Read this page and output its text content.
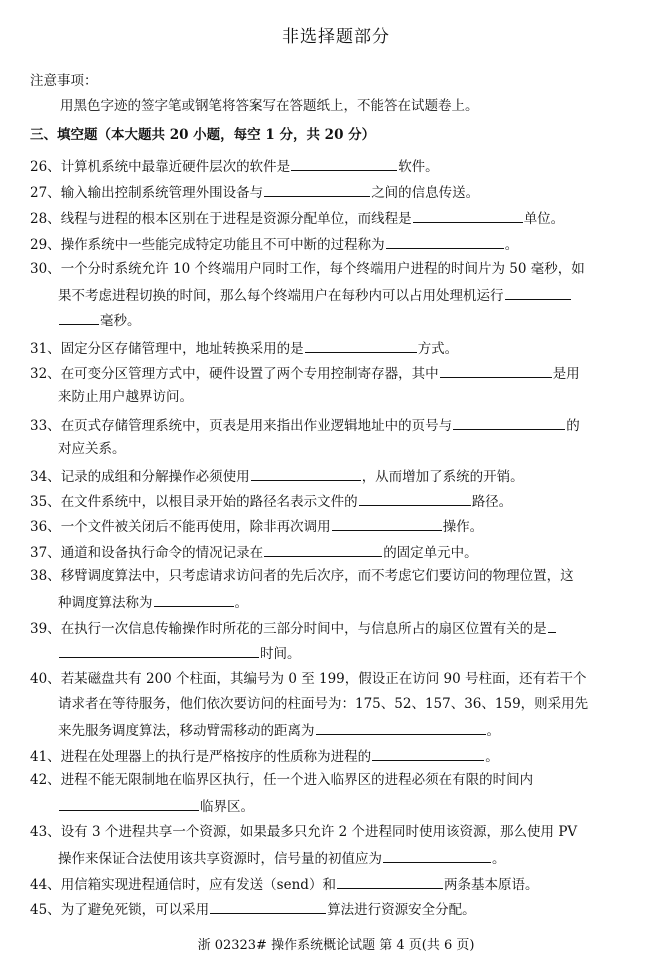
非选择题部分
注意事项：
用黑色字迹的签字笔或钢笔将答案写在答题纸上，不能答在试题卷上。
三、填空题（本大题共 20 小题，每空 1 分，共 20 分）
26、计算机系统中最靠近硬件层次的软件是	软件。
27、输入输出控制系统管理外围设备与	之间的信息传送。
28、线程与进程的根本区别在于进程是资源分配单位，而线程是	单位。
29、操作系统中一些能完成特定功能且不可中断的过程称为	。
30、一个分时系统允许 10 个终端用户同时工作，每个终端用户进程的时间片为 50 毫秒，如
果不考虑进程切换的时间，那么每个终端用户在每秒内可以占用处理机运行
毫秒。
31、固定分区存储管理中，地址转换采用的是	方式。
32、在可变分区管理方式中，硬件设置了两个专用控制寄存器，其中	是用
来防止用户越界访问。
33、在页式存储管理系统中，页表是用来指出作业逻辑地址中的页号与	的
对应关系。
34、记录的成组和分解操作必须使用	，从而增加了系统的开销。
35、在文件系统中，以根目录开始的路径名表示文件的	路径。
36、一个文件被关闭后不能再使用，除非再次调用	操作。
37、通道和设备执行命令的情况记录在	的固定单元中。
38、移臂调度算法中，只考虑请求访问者的先后次序，而不考虑它们要访问的物理位置，这
种调度算法称为	。
39、在执行一次信息传输操作时所花的三部分时间中，与信息所占的扇区位置有关的是
时间。
40、若某磁盘共有 200 个柱面，其编号为 0 至 199，假设正在访问 90 号柱面，还有若干个
请求者在等待服务，他们依次要访问的柱面号为：175、52、157、36、159，则采用先
来先服务调度算法，移动臂需移动的距离为	。
41、进程在处理器上的执行是严格按序的性质称为进程的	。
42、进程不能无限制地在临界区执行，任一个进入临界区的进程必须在有限的时间内
临界区。
43、设有 3 个进程共享一个资源，如果最多只允许 2 个进程同时使用该资源，那么使用 PV
操作来保证合法使用该共享资源时，信号量的初值应为	。
44、用信箱实现进程通信时，应有发送（send）和	两条基本原语。
45、为了避免死锁，可以采用	算法进行资源安全分配。
浙 02323# 操作系统概论试题 第 4 页(共 6 页)
